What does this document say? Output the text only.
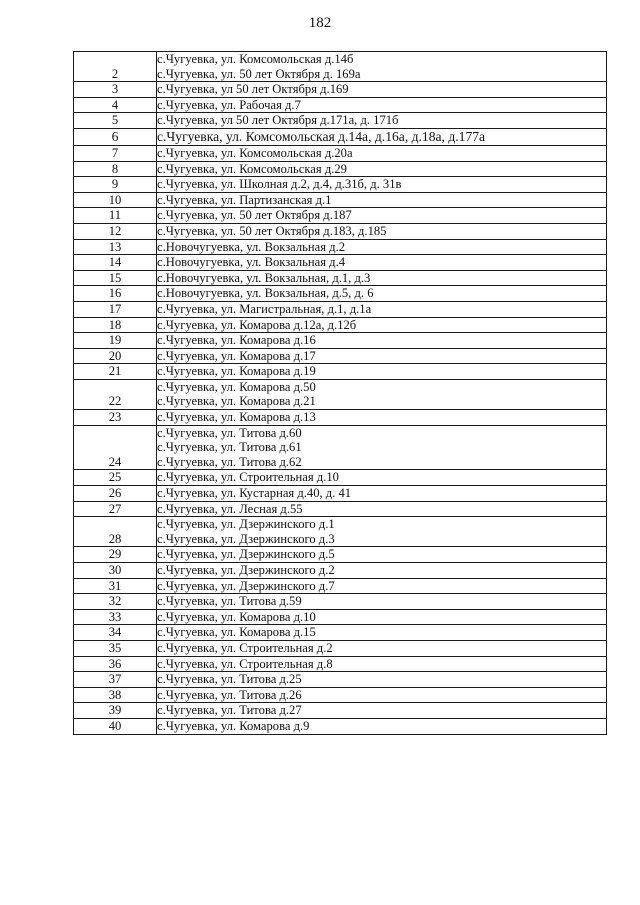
182
2	с.Чугуевка, ул. Комсомольская д.14б
с.Чугуевка, ул. 50 лет Октября д. 169а

3	с.Чугуевка, ул 50 лет Октября д.169

4	с.Чугуевка, ул. Рабочая д.7

5	с.Чугуевка, ул 50 лет Октября д.171а, д. 171б

6	с.Чугуевка, ул. Комсомольская д.14а, д.16а, д.18а, д.177а

7	с.Чугуевка, ул. Комсомольская д.20а

8	с.Чугуевка, ул. Комсомольская д.29

9	с.Чугуевка, ул. Школная д.2, д.4, д.31б, д. 31в

10	с.Чугуевка, ул. Партизанская д.1

11	с.Чугуевка, ул. 50 лет Октября д.187

12	с.Чугуевка, ул. 50 лет Октября д.183, д.185

13	с.Новочугуевка, ул. Вокзальная д.2

14	с.Новочугуевка, ул. Вокзальная д.4

15	с.Новочугуевка, ул. Вокзальная, д.1, д.3

16	с.Новочугуевка, ул. Вокзальная, д.5, д. 6

17	с.Чугуевка, ул. Магистральная, д.1, д.1а

18	с.Чугуевка, ул. Комарова д.12а, д.12б

19	с.Чугуевка, ул. Комарова д.16

20	с.Чугуевка, ул. Комарова д.17

21	с.Чугуевка, ул. Комарова д.19

22	с.Чугуевка, ул. Комарова д.50
с.Чугуевка, ул. Комарова д.21

23	с.Чугуевка, ул. Комарова д.13

24	с.Чугуевка, ул. Титова д.60
с.Чугуевка, ул. Титова д.61
с.Чугуевка, ул. Титова д.62

25	с.Чугуевка, ул. Строительная д.10

26	с.Чугуевка, ул. Кустарная д.40, д. 41

27	с.Чугуевка, ул. Лесная д.55

28	с.Чугуевка, ул. Дзержинского д.1
с.Чугуевка, ул. Дзержинского д.3

29	с.Чугуевка, ул. Дзержинского д.5

30	с.Чугуевка, ул. Дзержинского д.2

31	с.Чугуевка, ул. Дзержинского д.7

32	с.Чугуевка, ул. Титова д.59

33	с.Чугуевка, ул. Комарова д.10

34	с.Чугуевка, ул. Комарова д.15

35	с.Чугуевка, ул. Строительная д.2

36	с.Чугуевка, ул. Строительная д.8

37	с.Чугуевка, ул. Титова д.25

38	с.Чугуевка, ул. Титова д.26

39	с.Чугуевка, ул. Титова д.27

40	с.Чугуевка, ул. Комарова д.9
